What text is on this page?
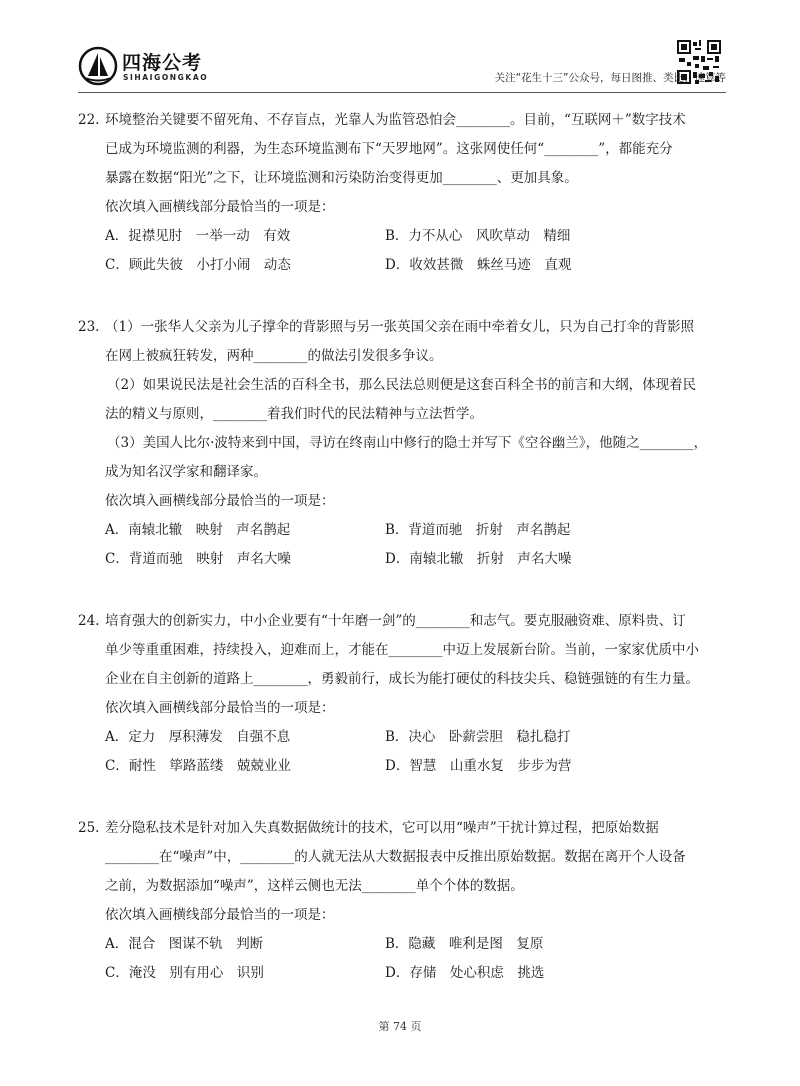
四海公考
SIHAIGONGKAO	关注“花生十三”公众号，每日图推、类比、速算等
22. 环境整治关键要不留死角、不存盲点，光靠人为监管恐怕会________。目前，“互联网＋”数字技术
已成为环境监测的利器，为生态环境监测布下“天罗地网”。这张网使任何“________”，都能充分
暴露在数据“阳光”之下，让环境监测和污染防治变得更加________、更加具象。
依次填入画横线部分最恰当的一项是：
A．捉襟见肘　一举一动　有效	B．力不从心　风吹草动　精细
C．顾此失彼　小打小闹　动态	D．收效甚微　蛛丝马迹　直观
23. （1）一张华人父亲为儿子撑伞的背影照与另一张英国父亲在雨中牵着女儿，只为自己打伞的背影照
在网上被疯狂转发，两种________的做法引发很多争议。
（2）如果说民法是社会生活的百科全书，那么民法总则便是这套百科全书的前言和大纲，体现着民
法的精义与原则，________着我们时代的民法精神与立法哲学。
（3）美国人比尔·波特来到中国，寻访在终南山中修行的隐士并写下《空谷幽兰》，他随之________，
成为知名汉学家和翻译家。
依次填入画横线部分最恰当的一项是：
A．南辕北辙　映射　声名鹊起	B．背道而驰　折射　声名鹊起
C．背道而驰　映射　声名大噪	D．南辕北辙　折射　声名大噪
24. 培育强大的创新实力，中小企业要有“十年磨一剑”的________和志气。要克服融资难、原料贵、订
单少等重重困难，持续投入，迎难而上，才能在________中迈上发展新台阶。当前，一家家优质中小
企业在自主创新的道路上________，勇毅前行，成长为能打硬仗的科技尖兵、稳链强链的有生力量。
依次填入画横线部分最恰当的一项是：
A．定力　厚积薄发　自强不息	B．决心　卧薪尝胆　稳扎稳打
C．耐性　筚路蓝缕　兢兢业业	D．智慧　山重水复　步步为营
25. 差分隐私技术是针对加入失真数据做统计的技术，它可以用“噪声”干扰计算过程，把原始数据
________在“噪声”中，________的人就无法从大数据报表中反推出原始数据。数据在离开个人设备
之前，为数据添加“噪声”，这样云侧也无法________单个个体的数据。
依次填入画横线部分最恰当的一项是：
A．混合　图谋不轨　判断	B．隐藏　唯利是图　复原
C．淹没　别有用心　识别	D．存储　处心积虑　挑选
第 74 页
